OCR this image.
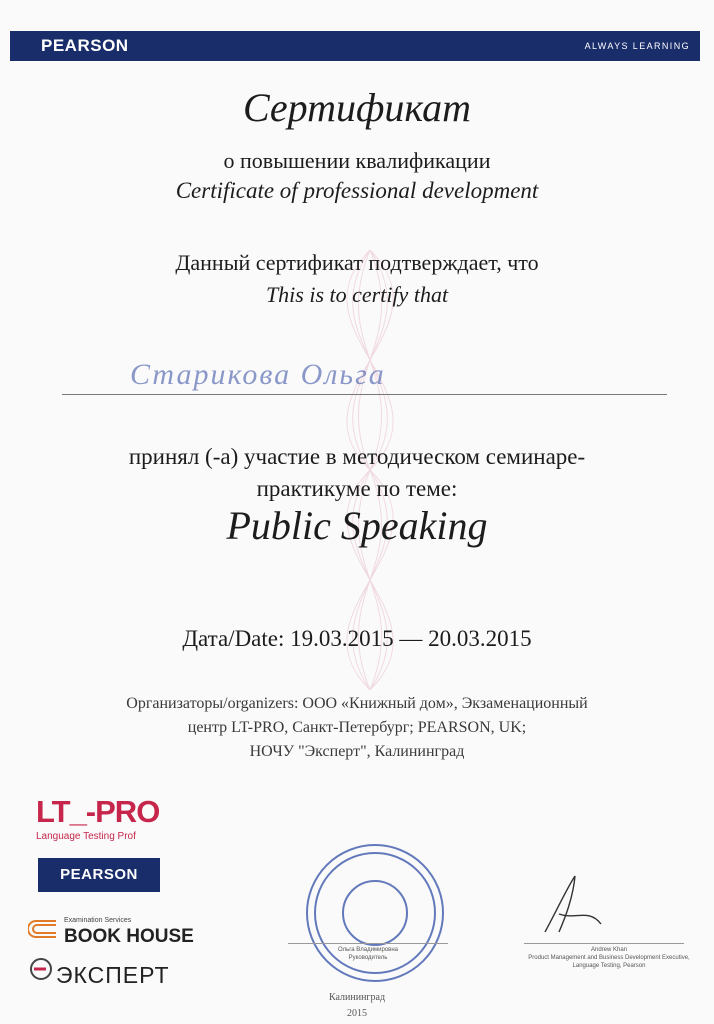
PEARSON	ALWAYS LEARNING
Сертификат
о повышении квалификации
Certificate of professional development
Данный сертификат подтверждает, что
This is to certify that
Старикова Ольга
принял (-а) участие в методическом семинаре-
практикуме по теме:
Public Speaking
Дата/Date: 19.03.2015 — 20.03.2015
Организаторы/organizers: ООО «Книжный дом», Экзаменационный
центр LT-PRO, Санкт-Петербург; PEARSON, UK;
НОЧУ "Эксперт", Калининград
LT_-PRO
Language Testing Prof
PEARSON
Examination Services
BOOK HOUSE
ЭКСПЕРТ
Ольга Владимировна
Руководитель
Andrew Khan
Product Management and Business Development Executive, Language Testing, Pearson
Калининград
2015
